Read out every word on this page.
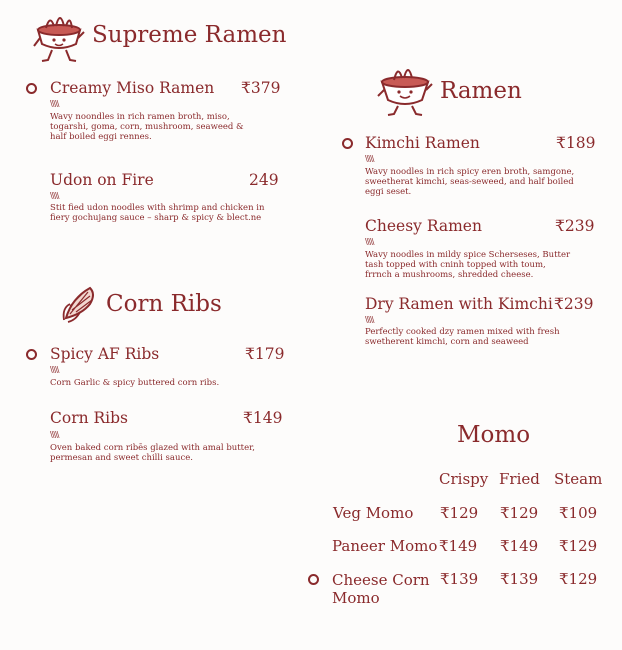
Supreme Ramen
Creamy Miso Ramen ₹379
\\\\\
Wavy noondles in rich ramen broth, miso, togarshi, goma, corn, mushroom, seaweed & half boiled eggi rennes.
Udon on Fire	249
\\\\\
Stit fied udon noodles with shrimp and chicken in fiery gochujang sauce – sharp & spicy & blect.ne
Corn Ribs
Spicy AF Ribs	₹179
\\\\\
Corn Garlic & spicy buttered corn ribs.
Corn Ribs	₹149
\\\\\
Oven baked corn ribēs glazed with amal butter, permesan and sweet chilli sauce.
Ramen
Kimchi Ramen	₹189
\\\\\
Wavy noodles in rich spicy eren broth, samgone, sweetherat kimchi, seas-seweed, and half boiled eggi seset.
Cheesy Ramen	₹239
\\\\\
Wavy noodles in mildy spice Scherseses, Butter tash topped with cninh topped with toum, frrnch a mushrooms, shredded cheese.
Dry Ramen with Kimchi ₹239
\\\\\
Perfectly cooked dzy ramen mixed with fresh swetherent kimchi, corn and seaweed
Momo
Crispy Fried Steam
Veg Momo ₹129 ₹129 ₹109
Paneer Momo ₹149 ₹149 ₹129
Cheese Corn
Momo
₹139 ₹139 ₹129
